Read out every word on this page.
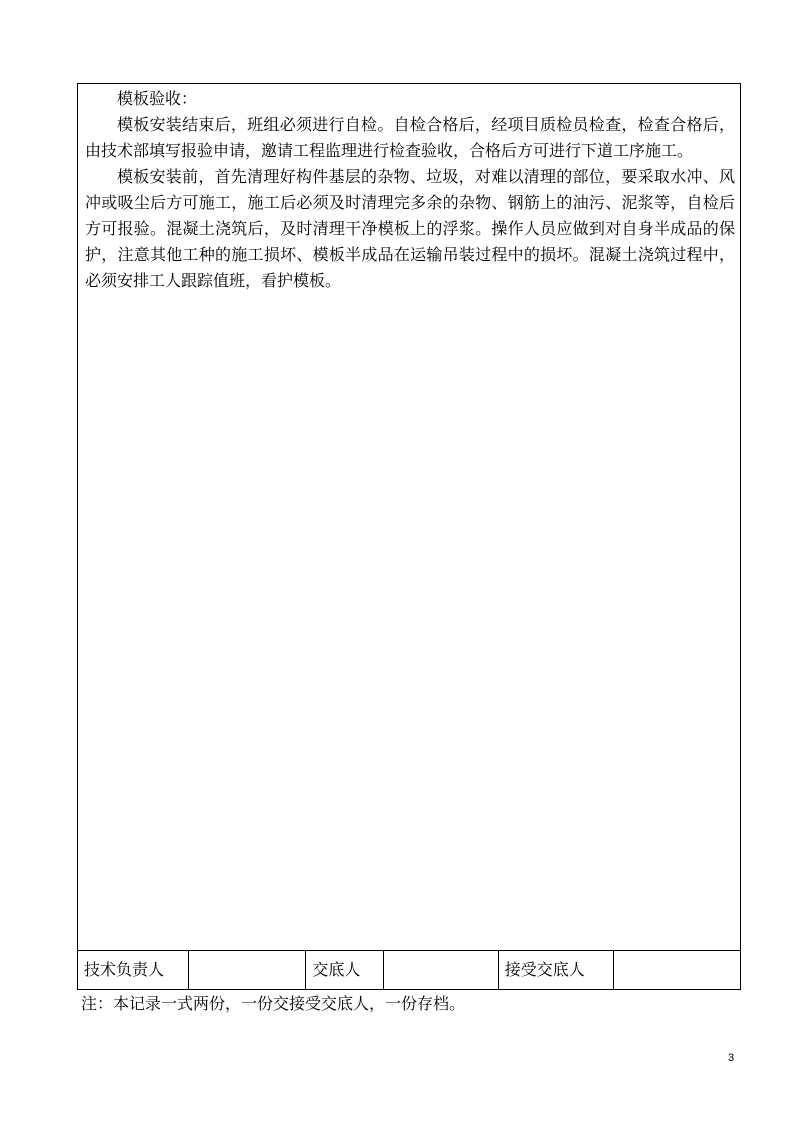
模板验收：

模板安装结束后，班组必须进行自检。自检合格后，经项目质检员检查，检查合格后，由技术部填写报验申请，邀请工程监理进行检查验收，合格后方可进行下道工序施工。

模板安装前，首先清理好构件基层的杂物、垃圾，对难以清理的部位，要采取水冲、风冲或吸尘后方可施工，施工后必须及时清理完多余的杂物、钢筋上的油污、泥浆等，自检后方可报验。混凝土浇筑后，及时清理干净模板上的浮浆。操作人员应做到对自身半成品的保护，注意其他工种的施工损坏、模板半成品在运输吊装过程中的损坏。混凝土浇筑过程中，必须安排工人跟踪值班，看护模板。

技术负责人	交底人	接受交底人
注：本记录一式两份，一份交接受交底人，一份存档。
3
